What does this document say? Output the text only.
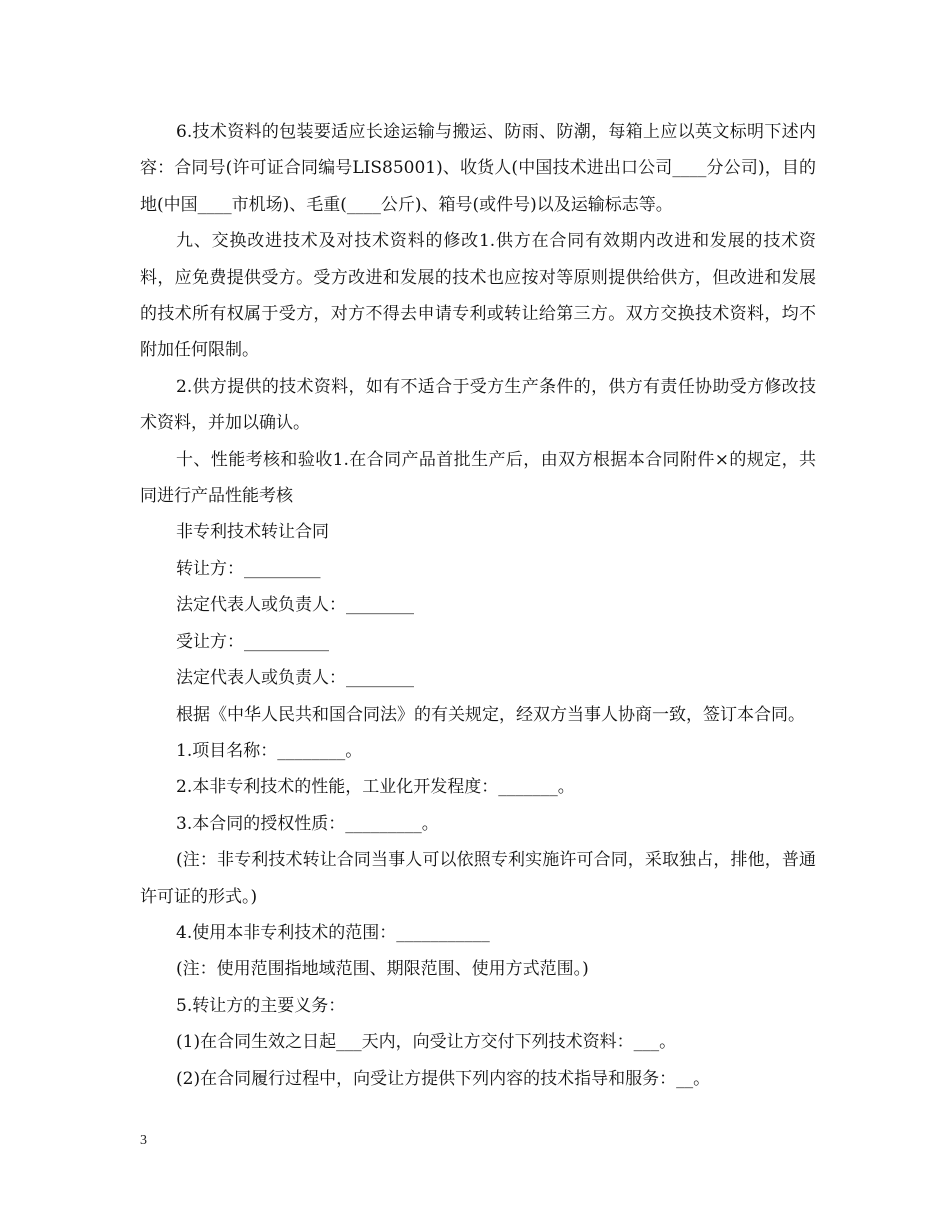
6.技术资料的包装要适应长途运输与搬运、防雨、防潮，每箱上应以英文标明下述内容：合同号(许可证合同编号LIS85001)、收货人(中国技术进出口公司____分公司)，目的地(中国____市机场)、毛重(____公斤)、箱号(或件号)以及运输标志等。

九、交换改进技术及对技术资料的修改1.供方在合同有效期内改进和发展的技术资料，应免费提供受方。受方改进和发展的技术也应按对等原则提供给供方，但改进和发展的技术所有权属于受方，对方不得去申请专利或转让给第三方。双方交换技术资料，均不附加任何限制。

2.供方提供的技术资料，如有不适合于受方生产条件的，供方有责任协助受方修改技术资料，并加以确认。

十、性能考核和验收1.在合同产品首批生产后，由双方根据本合同附件×的规定，共同进行产品性能考核

非专利技术转让合同

转让方：_________

法定代表人或负责人：________

受让方：__________

法定代表人或负责人：________

根据《中华人民共和国合同法》的有关规定，经双方当事人协商一致，签订本合同。

1.项目名称：________。

2.本非专利技术的性能，工业化开发程度：_______。

3.本合同的授权性质：_________。

(注：非专利技术转让合同当事人可以依照专利实施许可合同，采取独占，排他，普通许可证的形式。)

4.使用本非专利技术的范围：___________

(注：使用范围指地域范围、期限范围、使用方式范围。)

5.转让方的主要义务：

(1)在合同生效之日起___天内，向受让方交付下列技术资料：___。

(2)在合同履行过程中，向受让方提供下列内容的技术指导和服务：__。

3
